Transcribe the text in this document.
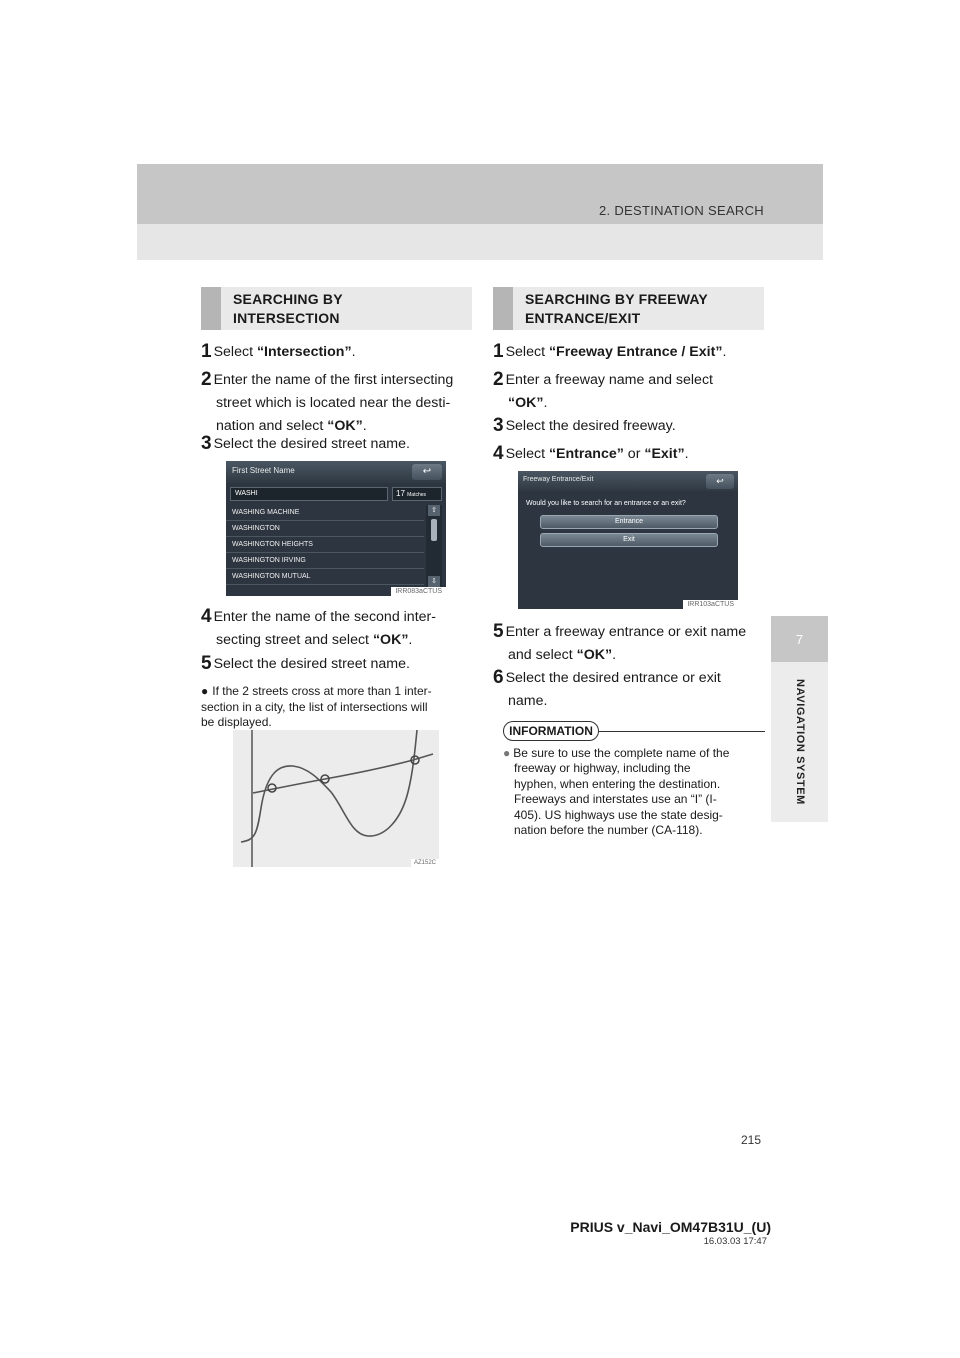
2. DESTINATION SEARCH
7
NAVIGATION SYSTEM
SEARCHING BY
INTERSECTION
1 Select “Intersection”.
2 Enter the name of the first intersecting
street which is located near the desti-
nation and select “OK”.
3 Select the desired street name.
First Street Name	↩
WASHI	17 Matches
WASHING MACHINE
WASHINGTON
WASHINGTON HEIGHTS
WASHINGTON IRVING
WASHINGTON MUTUAL
⇧
⇩
IRR083aCTUS
4 Enter the name of the second inter-
secting street and select “OK”.
5 Select the desired street name.
● If the 2 streets cross at more than 1 inter-
section in a city, the list of intersections will
be displayed.
AZ152C
SEARCHING BY FREEWAY
ENTRANCE/EXIT
1 Select “Freeway Entrance / Exit”.
2 Enter a freeway name and select
“OK”.
3 Select the desired freeway.
4 Select “Entrance” or “Exit”.
Freeway Entrance/Exit	↩
Would you like to search for an entrance or an exit?
Entrance
Exit
IRR103aCTUS
5 Enter a freeway entrance or exit name
and select “OK”.
6 Select the desired entrance or exit
name.
INFORMATION
● Be sure to use the complete name of the
freeway or highway, including the
hyphen, when entering the destination.
Freeways and interstates use an “I” (I-
405). US highways use the state desig-
nation before the number (CA-118).
215
PRIUS v_Navi_OM47B31U_(U)
16.03.03 17:47
